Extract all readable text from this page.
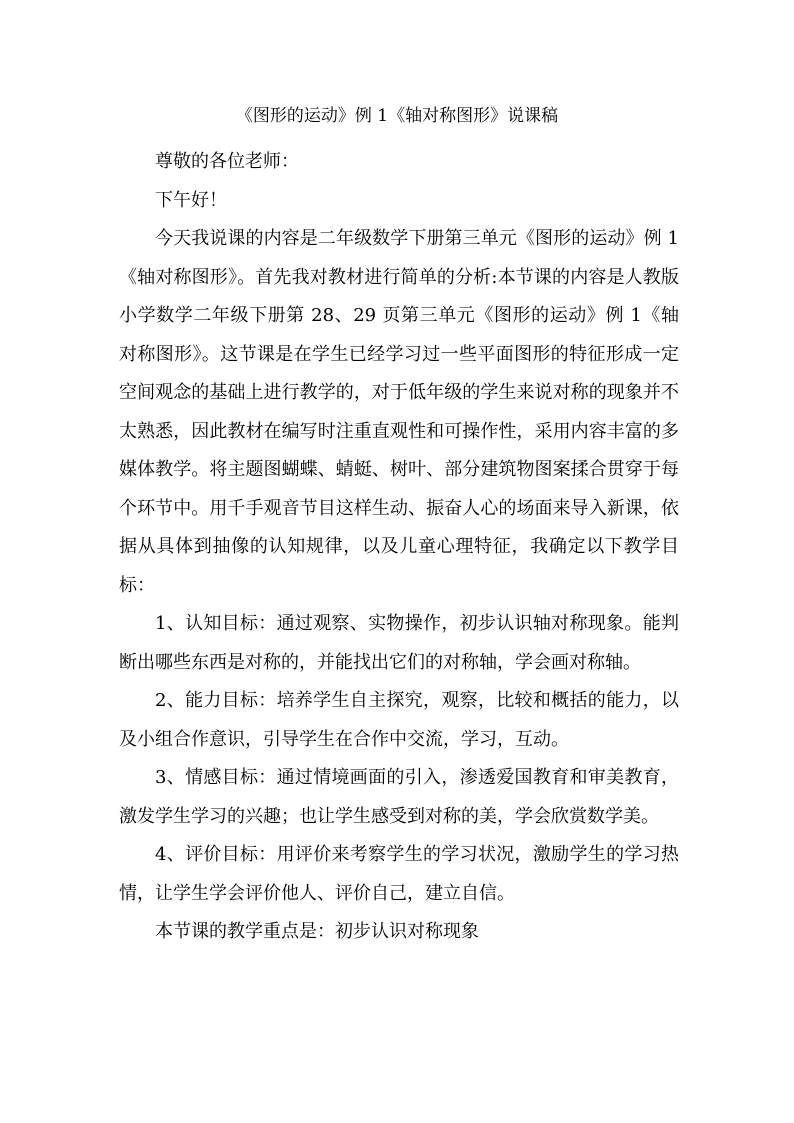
《图形的运动》例 1《轴对称图形》说课稿

尊敬的各位老师：

下午好！

今天我说课的内容是二年级数学下册第三单元《图形的运动》例 1《轴对称图形》。首先我对教材进行简单的分析:本节课的内容是人教版小学数学二年级下册第 28、29 页第三单元《图形的运动》例 1《轴对称图形》。这节课是在学生已经学习过一些平面图形的特征形成一定空间观念的基础上进行教学的，对于低年级的学生来说对称的现象并不太熟悉，因此教材在编写时注重直观性和可操作性，采用内容丰富的多媒体教学。将主题图蝴蝶、蜻蜓、树叶、部分建筑物图案揉合贯穿于每个环节中。用千手观音节目这样生动、振奋人心的场面来导入新课，依据从具体到抽像的认知规律，以及儿童心理特征，我确定以下教学目标：

1、认知目标：通过观察、实物操作，初步认识轴对称现象。能判断出哪些东西是对称的，并能找出它们的对称轴，学会画对称轴。

2、能力目标：培养学生自主探究，观察，比较和概括的能力，以及小组合作意识，引导学生在合作中交流，学习，互动。

3、情感目标：通过情境画面的引入，渗透爱国教育和审美教育，激发学生学习的兴趣；也让学生感受到对称的美，学会欣赏数学美。

4、评价目标：用评价来考察学生的学习状况，激励学生的学习热情，让学生学会评价他人、评价自己，建立自信。

本节课的教学重点是：初步认识对称现象
